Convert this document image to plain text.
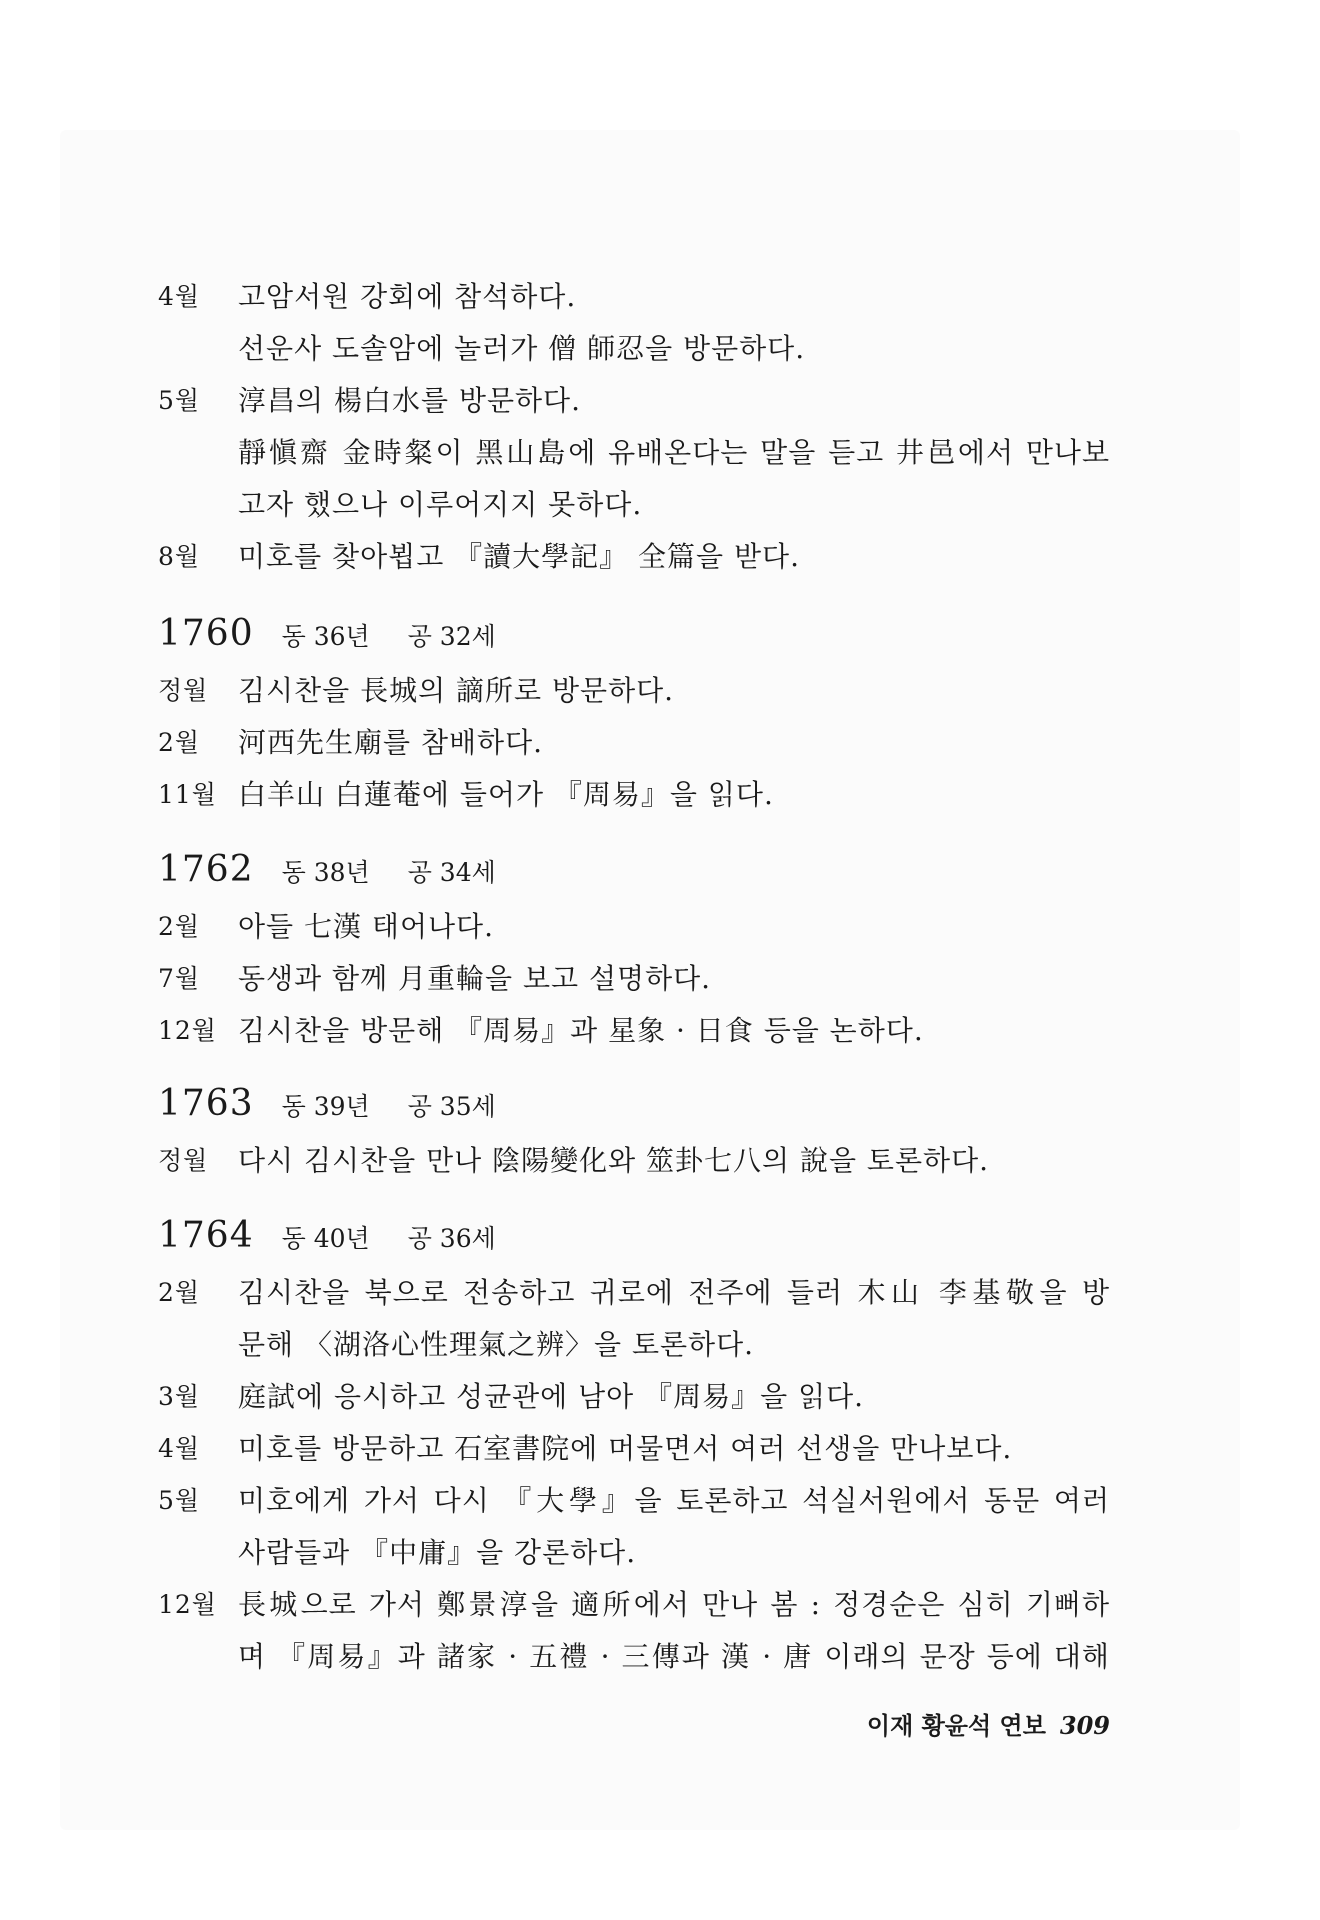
4월 고암서원 강회에 참석하다.
선운사 도솔암에 놀러가 僧 師忍을 방문하다.
5월 淳昌의 楊白水를 방문하다.
靜愼齋 金時粲이 黑山島에 유배온다는 말을 듣고 井邑에서 만나보
고자 했으나 이루어지지 못하다.
8월 미호를 찾아뵙고 『讀大學記』 全篇을 받다.
1760 동 36년 공 32세
정월 김시찬을 長城의 謫所로 방문하다.
2월 河西先生廟를 참배하다.
11월 白羊山 白蓮菴에 들어가 『周易』을 읽다.
1762 동 38년 공 34세
2월 아들 七漢 태어나다.
7월 동생과 함께 月重輪을 보고 설명하다.
12월 김시찬을 방문해 『周易』과 星象 · 日食 등을 논하다.
1763 동 39년 공 35세
정월 다시 김시찬을 만나 陰陽變化와 筮卦七八의 說을 토론하다.
1764 동 40년 공 36세
2월 김시찬을 북으로 전송하고 귀로에 전주에 들러 木山 李基敬을 방
문해 〈湖洛心性理氣之辨〉을 토론하다.
3월 庭試에 응시하고 성균관에 남아 『周易』을 읽다.
4월 미호를 방문하고 石室書院에 머물면서 여러 선생을 만나보다.
5월 미호에게 가서 다시 『大學』을 토론하고 석실서원에서 동문 여러
사람들과 『中庸』을 강론하다.
12월 長城으로 가서 鄭景淳을 適所에서 만나 봄 : 정경순은 심히 기뻐하
며 『周易』과 諸家 · 五禮 · 三傳과 漢 · 唐 이래의 문장 등에 대해
이재 황윤석 연보 309
